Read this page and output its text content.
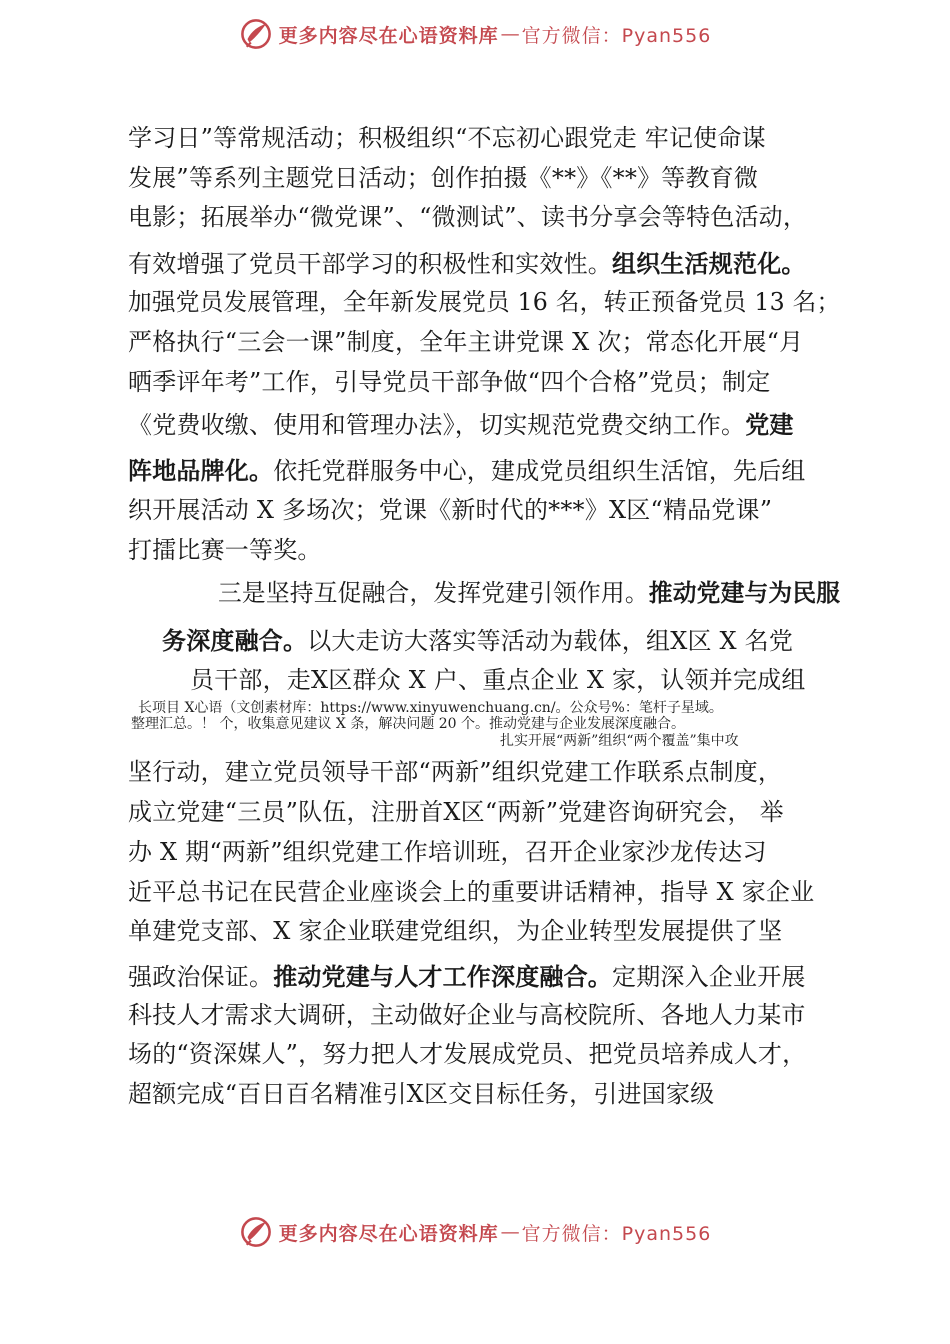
更多内容尽在心语资料库 — 官方微信：Pyan556
学习日”等常规活动；积极组织“不忘初心跟党走 牢记使命谋
发展”等系列主题党日活动；创作拍摄《**》《**》等教育微
电影；拓展举办“微党课”、“微测试”、读书分享会等特色活动，
有效增强了党员干部学习的积极性和实效性。组织生活规范化。
加强党员发展管理，全年新发展党员 16 名，转正预备党员 13 名；
严格执行“三会一课”制度，全年主讲党课 X 次；常态化开展“月
晒季评年考”工作，引导党员干部争做“四个合格”党员；制定
《党费收缴、使用和管理办法》，切实规范党费交纳工作。党建
阵地品牌化。依托党群服务中心，建成党员组织生活馆，先后组
织开展活动 X 多场次；党课《新时代的***》X区“精品党课”
打擂比赛一等奖。
三是坚持互促融合，发挥党建引领作用。推动党建与为民服
务深度融合。以大走访大落实等活动为载体，组X区 X 名党
员干部，走X区群众 X 户、重点企业 X 家，认领并完成组
长项目 X心语（文创素材库：https://www.xinyuwenchuang.cn/。公众号%：笔杆子星域。
整理汇总。！ 个，收集意见建议 X 条，解决问题 20 个。推动党建与企业发展深度融合。
扎实开展“两新”组织“两个覆盖”集中攻
坚行动，建立党员领导干部“两新”组织党建工作联系点制度，
成立党建“三员”队伍，注册首X区“两新”党建咨询研究会， 举
办 X 期“两新”组织党建工作培训班，召开企业家沙龙传达习
近平总书记在民营企业座谈会上的重要讲话精神，指导 X 家企业
单建党支部、X 家企业联建党组织，为企业转型发展提供了坚
强政治保证。推动党建与人才工作深度融合。定期深入企业开展
科技人才需求大调研，主动做好企业与高校院所、各地人力某市
场的“资深媒人”，努力把人才发展成党员、把党员培养成人才，
超额完成“百日百名精准引X区交目标任务，引进国家级
更多内容尽在心语资料库 — 官方微信：Pyan556
